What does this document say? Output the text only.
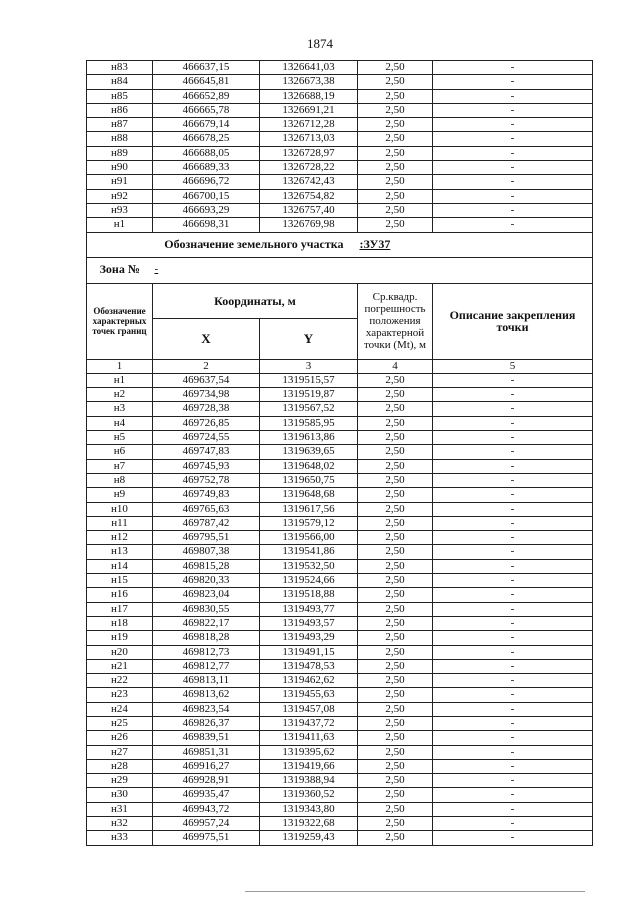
1874
н83	466637,15	1326641,03	2,50	-
н84	466645,81	1326673,38	2,50	-
н85	466652,89	1326688,19	2,50	-
н86	466665,78	1326691,21	2,50	-
н87	466679,14	1326712,28	2,50	-
н88	466678,25	1326713,03	2,50	-
н89	466688,05	1326728,97	2,50	-
н90	466689,33	1326728,22	2,50	-
н91	466696,72	1326742,43	2,50	-
н92	466700,15	1326754,82	2,50	-
н93	466693,29	1326757,40	2,50	-
н1	466698,31	1326769,98	2,50	-
Обозначение земельного участка			:ЗУ37	
Зона №	-			
Обозначение характерных точек границ	Координаты, м		Ср.квадр. погрешность положения характерной точки (Mt), м	Описание закрепления точки
	X	Y		
1	2	3	4	5
н1	469637,54	1319515,57	2,50	-
н2	469734,98	1319519,87	2,50	-
н3	469728,38	1319567,52	2,50	-
н4	469726,85	1319585,95	2,50	-
н5	469724,55	1319613,86	2,50	-
н6	469747,83	1319639,65	2,50	-
н7	469745,93	1319648,02	2,50	-
н8	469752,78	1319650,75	2,50	-
н9	469749,83	1319648,68	2,50	-
н10	469765,63	1319617,56	2,50	-
н11	469787,42	1319579,12	2,50	-
н12	469795,51	1319566,00	2,50	-
н13	469807,38	1319541,86	2,50	-
н14	469815,28	1319532,50	2,50	-
н15	469820,33	1319524,66	2,50	-
н16	469823,04	1319518,88	2,50	-
н17	469830,55	1319493,77	2,50	-
н18	469822,17	1319493,57	2,50	-
н19	469818,28	1319493,29	2,50	-
н20	469812,73	1319491,15	2,50	-
н21	469812,77	1319478,53	2,50	-
н22	469813,11	1319462,62	2,50	-
н23	469813,62	1319455,63	2,50	-
н24	469823,54	1319457,08	2,50	-
н25	469826,37	1319437,72	2,50	-
н26	469839,51	1319411,63	2,50	-
н27	469851,31	1319395,62	2,50	-
н28	469916,27	1319419,66	2,50	-
н29	469928,91	1319388,94	2,50	-
н30	469935,47	1319360,52	2,50	-
н31	469943,72	1319343,80	2,50	-
н32	469957,24	1319322,68	2,50	-
н33	469975,51	1319259,43	2,50	-
